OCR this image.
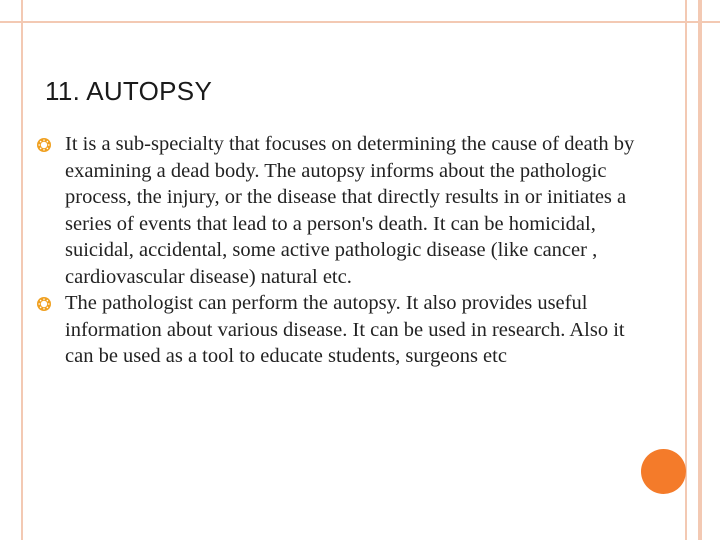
11. AUTOPSY
It is a sub-specialty that focuses on determining the cause of death by examining a dead body. The autopsy informs about the pathologic process, the injury, or the disease that directly results in or initiates a series of events that lead to a person's death. It can be homicidal, suicidal, accidental, some active pathologic disease (like cancer , cardiovascular disease) natural etc.
The pathologist can perform the autopsy. It also provides useful information about various disease. It can be used in research. Also it can be used as a tool to educate students, surgeons etc
